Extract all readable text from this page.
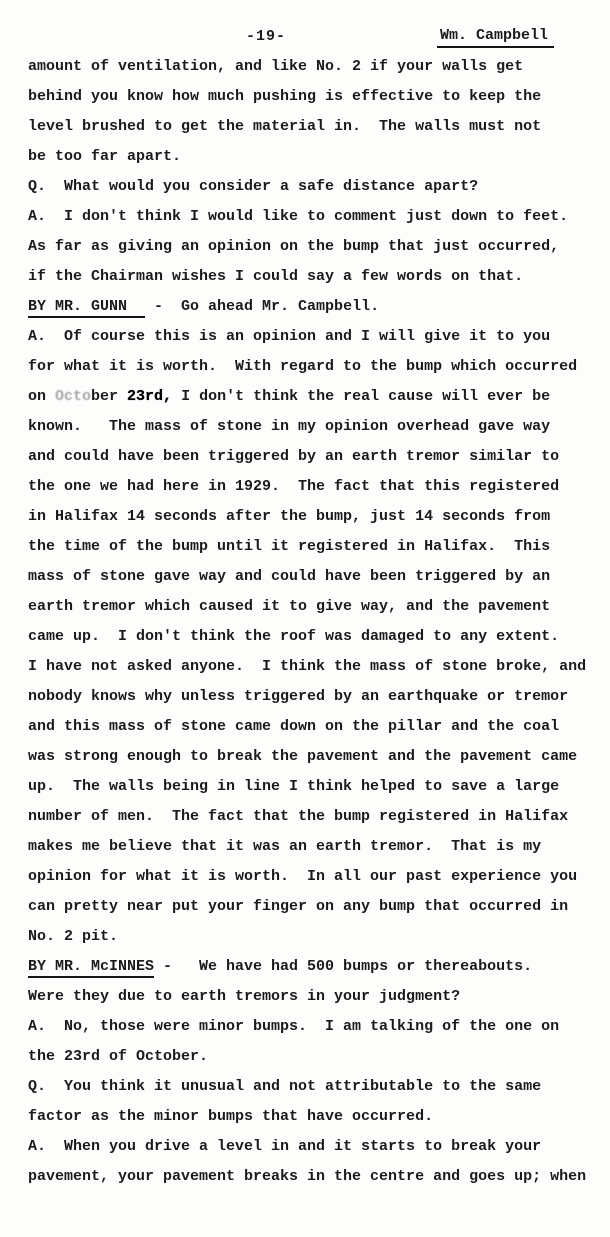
-19-	Wm. Campbell
amount of ventilation, and like No. 2 if your walls get
behind you know how much pushing is effective to keep the
level brushed to get the material in.  The walls must not
be too far apart.
Q.  What would you consider a safe distance apart?
A.  I don't think I would like to comment just down to feet.
As far as giving an opinion on the bump that just occurred,
if the Chairman wishes I could say a few words on that.
BY MR. GUNN   -  Go ahead Mr. Campbell.
A.  Of course this is an opinion and I will give it to you
for what it is worth.  With regard to the bump which occurred
on October 23rd, I don't think the real cause will ever be
known.   The mass of stone in my opinion overhead gave way
and could have been triggered by an earth tremor similar to
the one we had here in 1929.  The fact that this registered
in Halifax 14 seconds after the bump, just 14 seconds from
the time of the bump until it registered in Halifax.  This
mass of stone gave way and could have been triggered by an
earth tremor which caused it to give way, and the pavement
came up.  I don't think the roof was damaged to any extent.
I have not asked anyone.  I think the mass of stone broke, and
nobody knows why unless triggered by an earthquake or tremor
and this mass of stone came down on the pillar and the coal
was strong enough to break the pavement and the pavement came
up.  The walls being in line I think helped to save a large
number of men.  The fact that the bump registered in Halifax
makes me believe that it was an earth tremor.  That is my
opinion for what it is worth.  In all our past experience you
can pretty near put your finger on any bump that occurred in
No. 2 pit.
BY MR. McINNES -   We have had 500 bumps or thereabouts.
Were they due to earth tremors in your judgment?
A.  No, those were minor bumps.  I am talking of the one on
the 23rd of October.
Q.  You think it unusual and not attributable to the same
factor as the minor bumps that have occurred.
A.  When you drive a level in and it starts to break your
pavement, your pavement breaks in the centre and goes up; when
